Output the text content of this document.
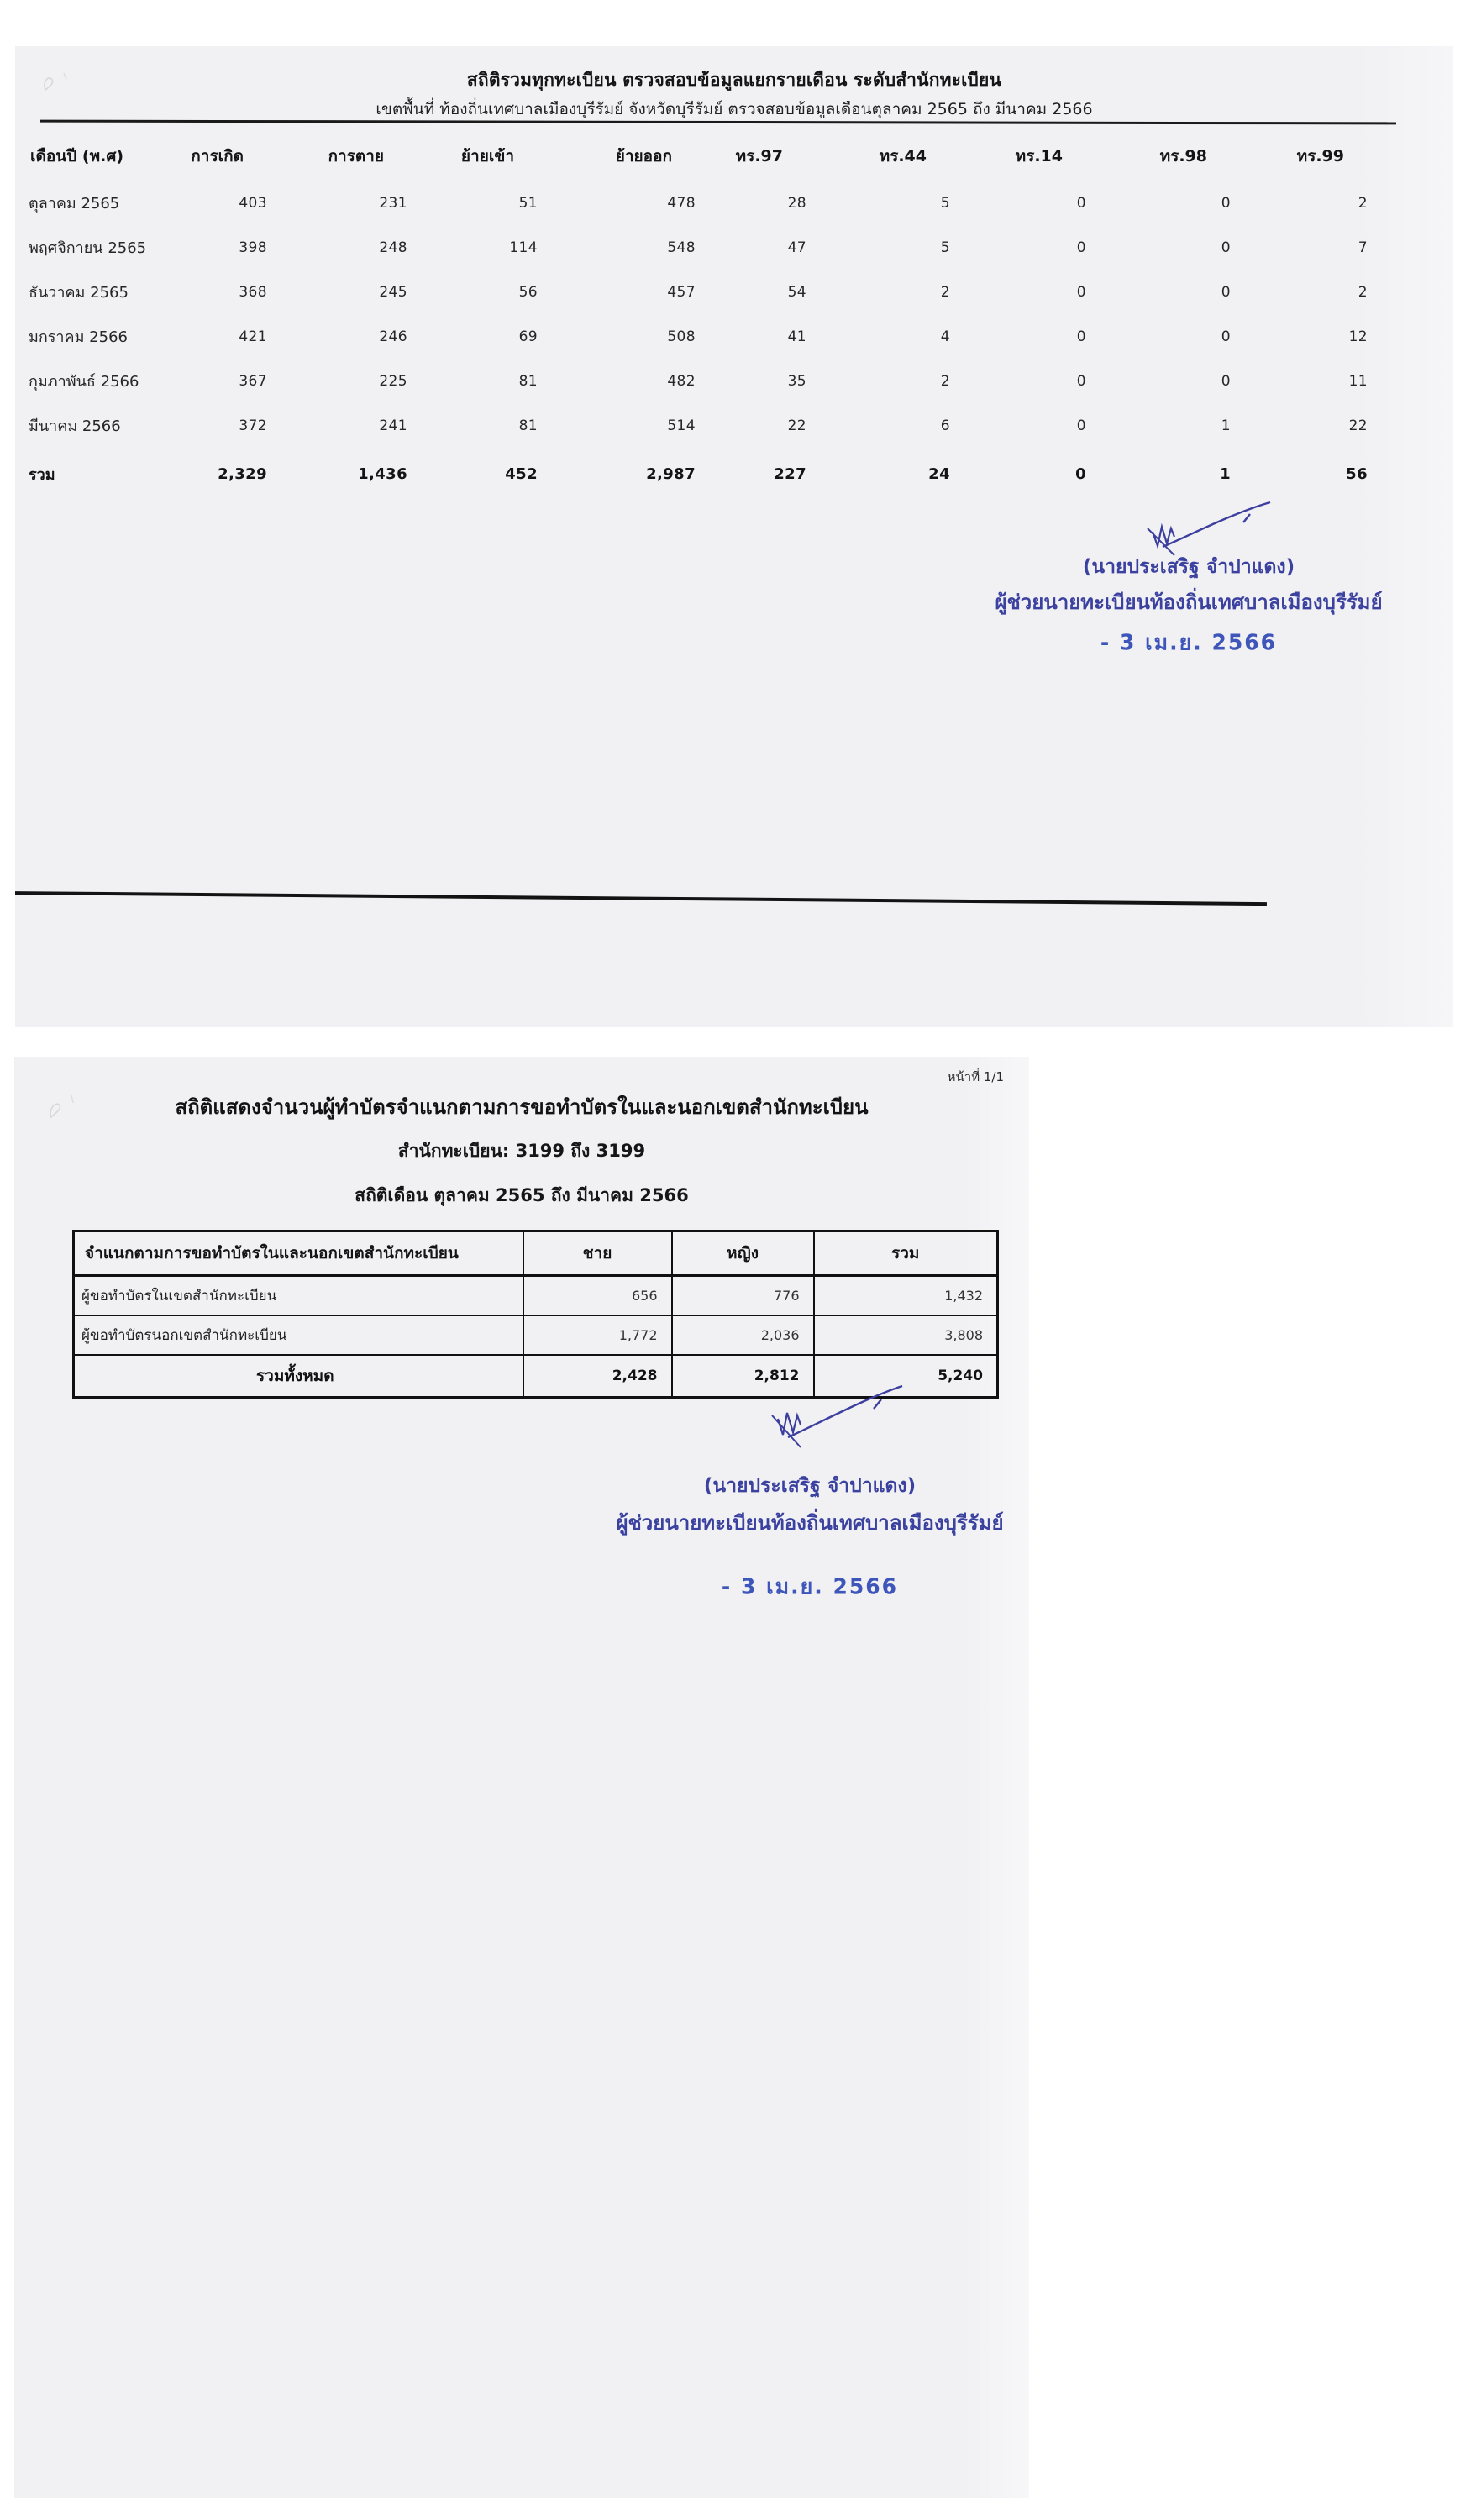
สถิติรวมทุกทะเบียน ตรวจสอบข้อมูลแยกรายเดือน ระดับสำนักทะเบียน
เขตพื้นที่ ท้องถิ่นเทศบาลเมืองบุรีรัมย์ จังหวัดบุรีรัมย์ ตรวจสอบข้อมูลเดือนตุลาคม 2565 ถึง มีนาคม 2566
เดือนปี (พ.ศ)	การเกิด	การตาย	ย้ายเข้า	ย้ายออก	ทร.97	ทร.44	ทร.14	ทร.98	ทร.99
ตุลาคม 2565	403	231	51	478	28	5	0	0	2
พฤศจิกายน 2565	398	248	114	548	47	5	0	0	7
ธันวาคม 2565	368	245	56	457	54	2	0	0	2
มกราคม 2566	421	246	69	508	41	4	0	0	12
กุมภาพันธ์ 2566	367	225	81	482	35	2	0	0	11
มีนาคม 2566	372	241	81	514	22	6	0	1	22
รวม	2,329	1,436	452	2,987	227	24	0	1	56
(นายประเสริฐ จำปาแดง)
ผู้ช่วยนายทะเบียนท้องถิ่นเทศบาลเมืองบุรีรัมย์
- 3 เม.ย. 2566
หน้าที่ 1/1
สถิติแสดงจำนวนผู้ทำบัตรจำแนกตามการขอทำบัตรในและนอกเขตสำนักทะเบียน
สำนักทะเบียน: 3199 ถึง 3199
สถิติเดือน ตุลาคม 2565 ถึง มีนาคม 2566
จำแนกตามการขอทำบัตรในและนอกเขตสำนักทะเบียน	ชาย	หญิง	รวม
ผู้ขอทำบัตรในเขตสำนักทะเบียน	656	776	1,432
ผู้ขอทำบัตรนอกเขตสำนักทะเบียน	1,772	2,036	3,808
รวมทั้งหมด	2,428	2,812	5,240
(นายประเสริฐ จำปาแดง)
ผู้ช่วยนายทะเบียนท้องถิ่นเทศบาลเมืองบุรีรัมย์
- 3 เม.ย. 2566
